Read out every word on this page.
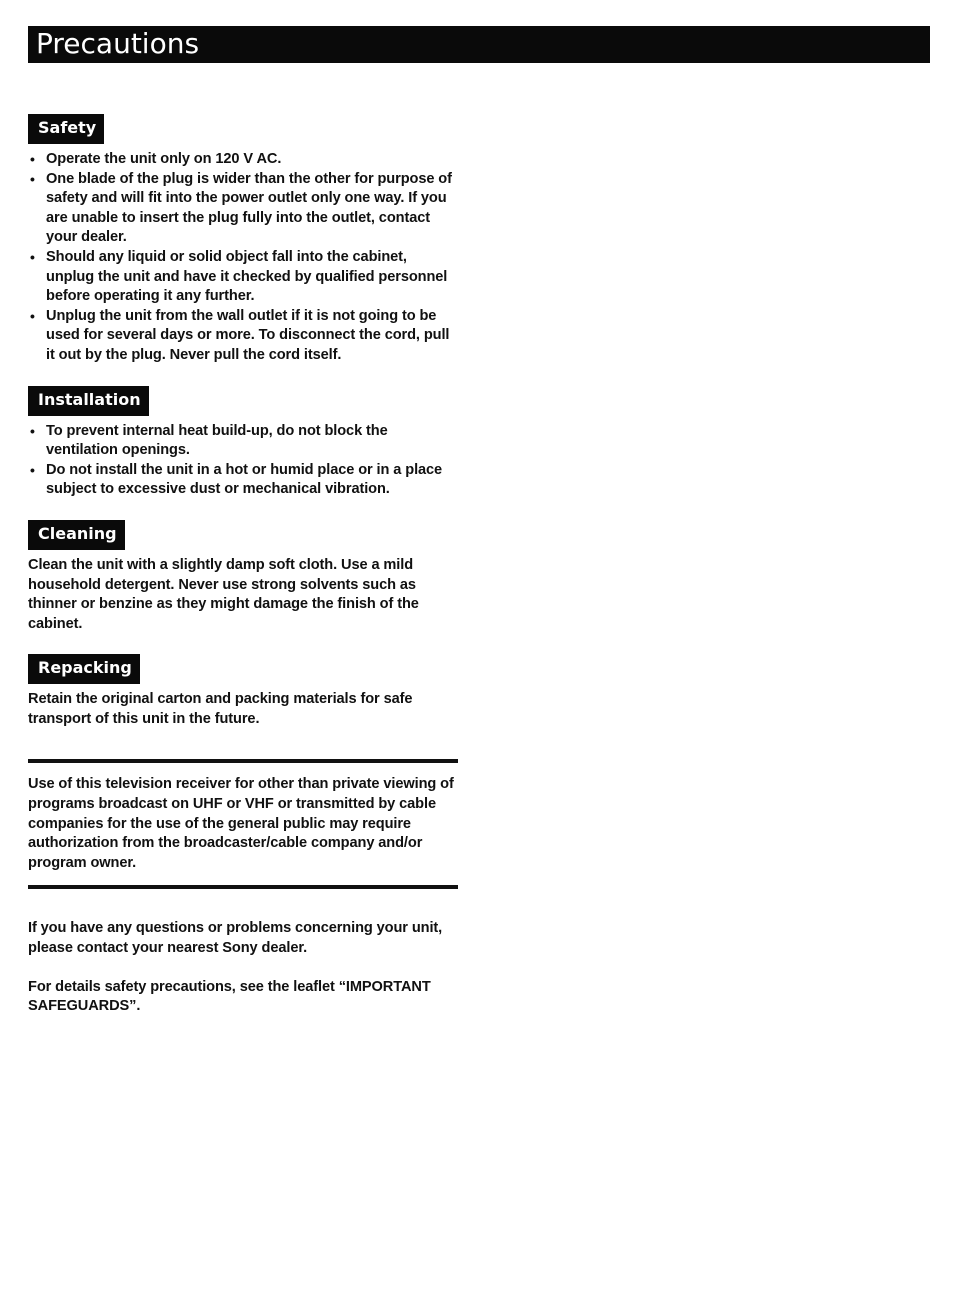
Precautions
Safety
• Operate the unit only on 120 V AC.
• One blade of the plug is wider than the other for purpose of safety and will fit into the power outlet only one way. If you are unable to insert the plug fully into the outlet, contact your dealer.
• Should any liquid or solid object fall into the cabinet, unplug the unit and have it checked by qualified personnel before operating it any further.
• Unplug the unit from the wall outlet if it is not going to be used for several days or more. To disconnect the cord, pull it out by the plug. Never pull the cord itself.
Installation
• To prevent internal heat build-up, do not block the ventilation openings.
• Do not install the unit in a hot or humid place or in a place subject to excessive dust or mechanical vibration.
Cleaning

Clean the unit with a slightly damp soft cloth. Use a mild household detergent. Never use strong solvents such as thinner or benzine as they might damage the finish of the cabinet.

Repacking

Retain the original carton and packing materials for safe transport of this unit in the future.

Use of this television receiver for other than private viewing of programs broadcast on UHF or VHF or transmitted by cable companies for the use of the general public may require authorization from the broadcaster/cable company and/or program owner.

If you have any questions or problems concerning your unit, please contact your nearest Sony dealer.

For details safety precautions, see the leaflet “IMPORTANT SAFEGUARDS”.
